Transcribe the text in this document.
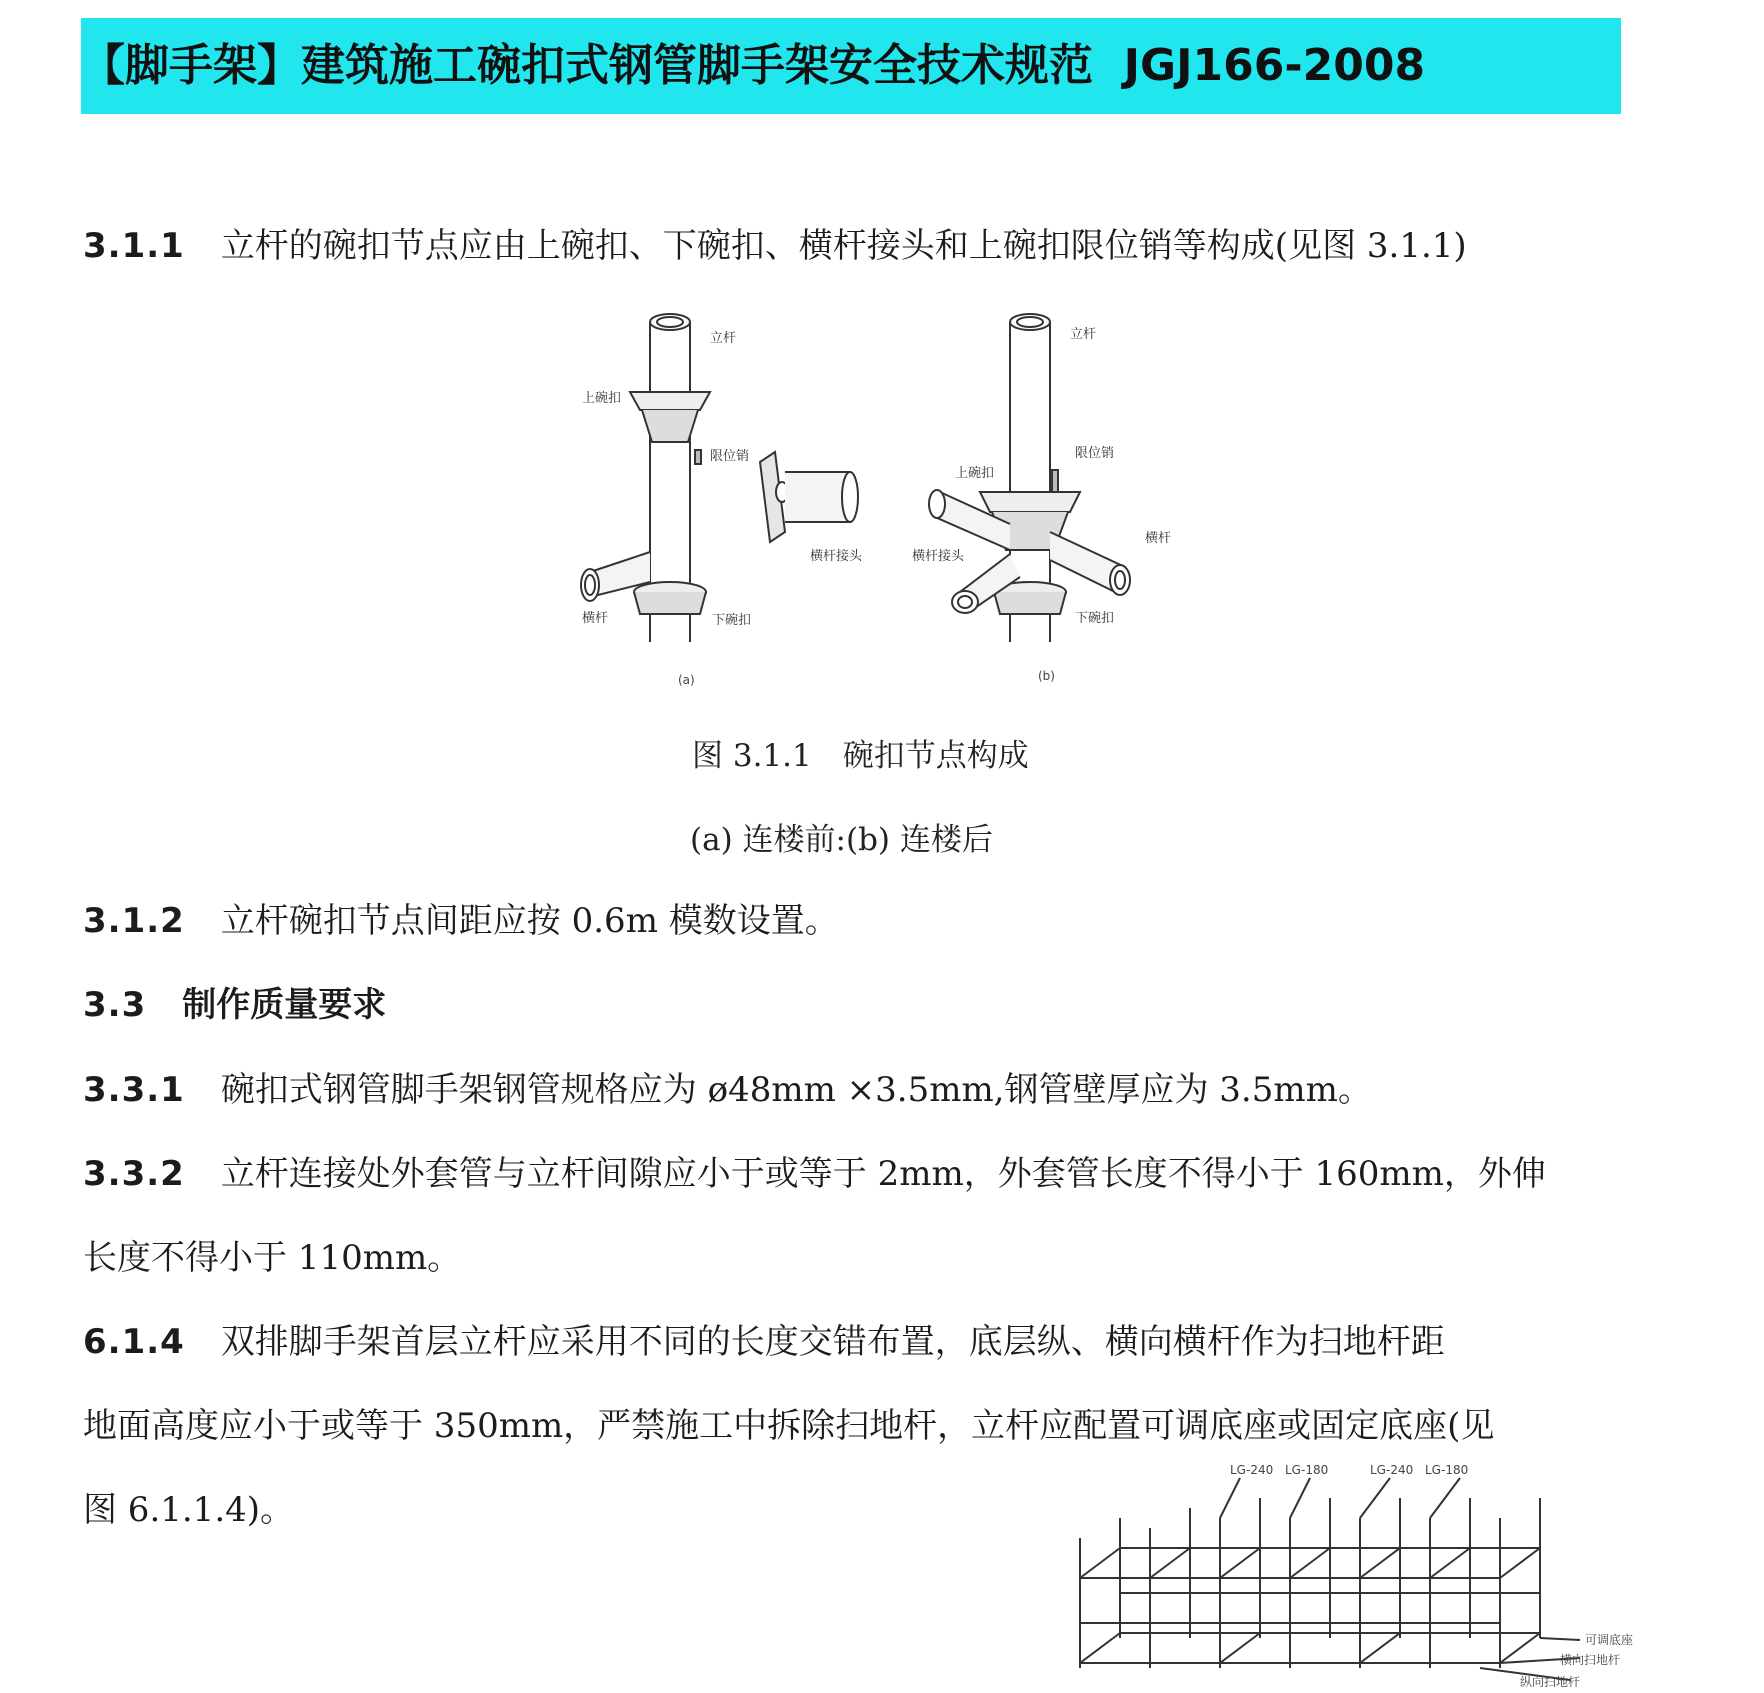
【脚手架】建筑施工碗扣式钢管脚手架安全技术规范 JGJ166-2008
3.1.1 立杆的碗扣节点应由上碗扣、下碗扣、横杆接头和上碗扣限位销等构成(见图 3.1.1)
立杆
上碗扣
限位销
横杆	下碗扣
横杆接头
(a)
立杆
限位销
上碗扣
横杆
横杆接头
下碗扣
(b)
图 3.1.1　碗扣节点构成
(a) 连楼前:(b) 连楼后
3.1.2 立杆碗扣节点间距应按 0.6m 模数设置。
3.3 制作质量要求
3.3.1 碗扣式钢管脚手架钢管规格应为 ø48mm ×3.5mm,钢管壁厚应为 3.5mm。
3.3.2 立杆连接处外套管与立杆间隙应小于或等于 2mm，外套管长度不得小于 160mm，外伸
长度不得小于 110mm。
6.1.4 双排脚手架首层立杆应采用不同的长度交错布置，底层纵、横向横杆作为扫地杆距
地面高度应小于或等于 350mm，严禁施工中拆除扫地杆，立杆应配置可调底座或固定底座(见
图 6.1.1.4)。
LG-240 LG-180	LG-240 LG-180
可调底座
横向扫地杆
纵向扫地杆
